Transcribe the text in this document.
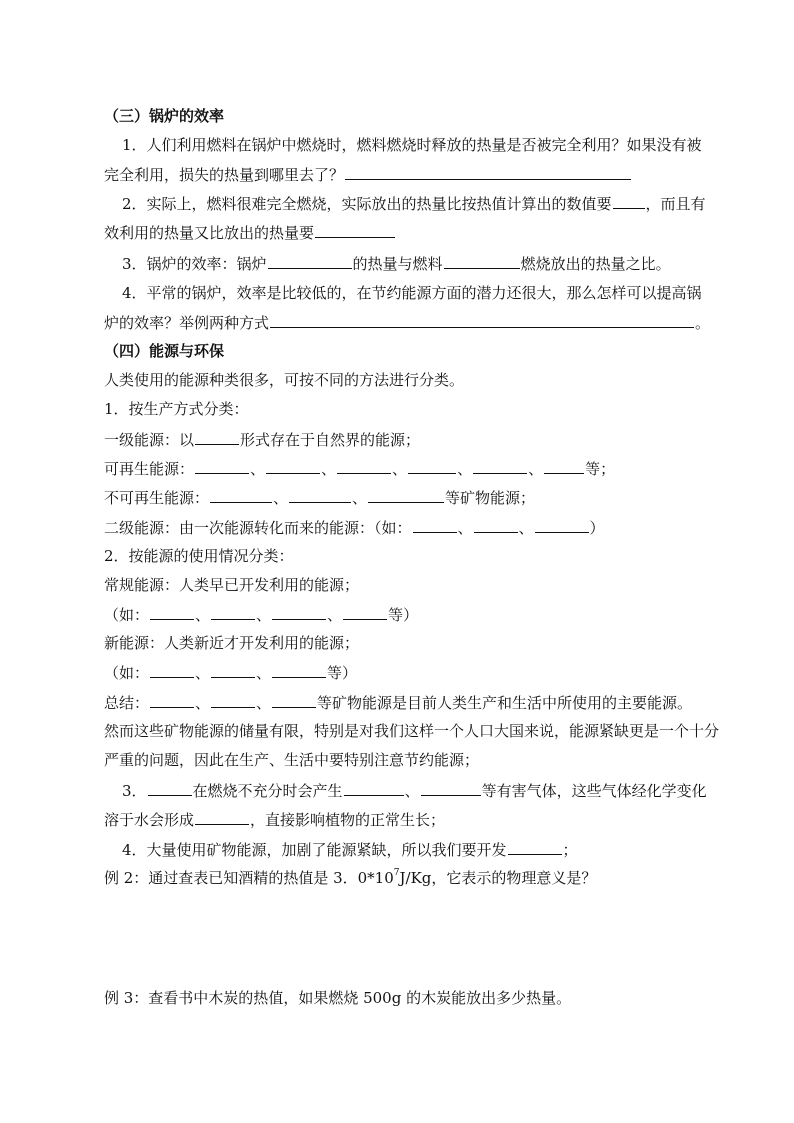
（三）锅炉的效率
1．人们利用燃料在锅炉中燃烧时，燃料燃烧时释放的热量是否被完全利用？如果没有被
完全利用，损失的热量到哪里去了？
2．实际上，燃料很难完全燃烧，实际放出的热量比按热值计算出的数值要 ，而且有
效利用的热量又比放出的热量要
3．锅炉的效率：锅炉	的热量与燃料	燃烧放出的热量之比。
4．平常的锅炉，效率是比较低的，在节约能源方面的潜力还很大，那么怎样可以提高锅
炉的效率？举例两种方式	。
（四）能源与环保
人类使用的能源种类很多，可按不同的方法进行分类。
1．按生产方式分类：
一级能源：以	形式存在于自然界的能源；
可再生能源：	、	、	、	、	、	等；
不可再生能源：	、	、	等矿物能源；
二级能源：由一次能源转化而来的能源：（如：	、	、	）
2．按能源的使用情况分类：
常规能源：人类早已开发利用的能源；
（如：	、	、	、	等）
新能源：人类新近才开发利用的能源；
（如：	、	、	等）
总结：	、	、	等矿物能源是目前人类生产和生活中所使用的主要能源。
然而这些矿物能源的储量有限，特别是对我们这样一个人口大国来说，能源紧缺更是一个十分
严重的问题，因此在生产、生活中要特别注意节约能源；
3．	在燃烧不充分时会产生	、	等有害气体，这些气体经化学变化
溶于水会形成	，直接影响植物的正常生长；
4．大量使用矿物能源，加剧了能源紧缺，所以我们要开发	；
例 2：通过查表已知酒精的热值是 3．$0*10^7J/Kg$，它表示的物理意义是？
例 3：查看书中木炭的热值，如果燃烧 500g 的木炭能放出多少热量。
